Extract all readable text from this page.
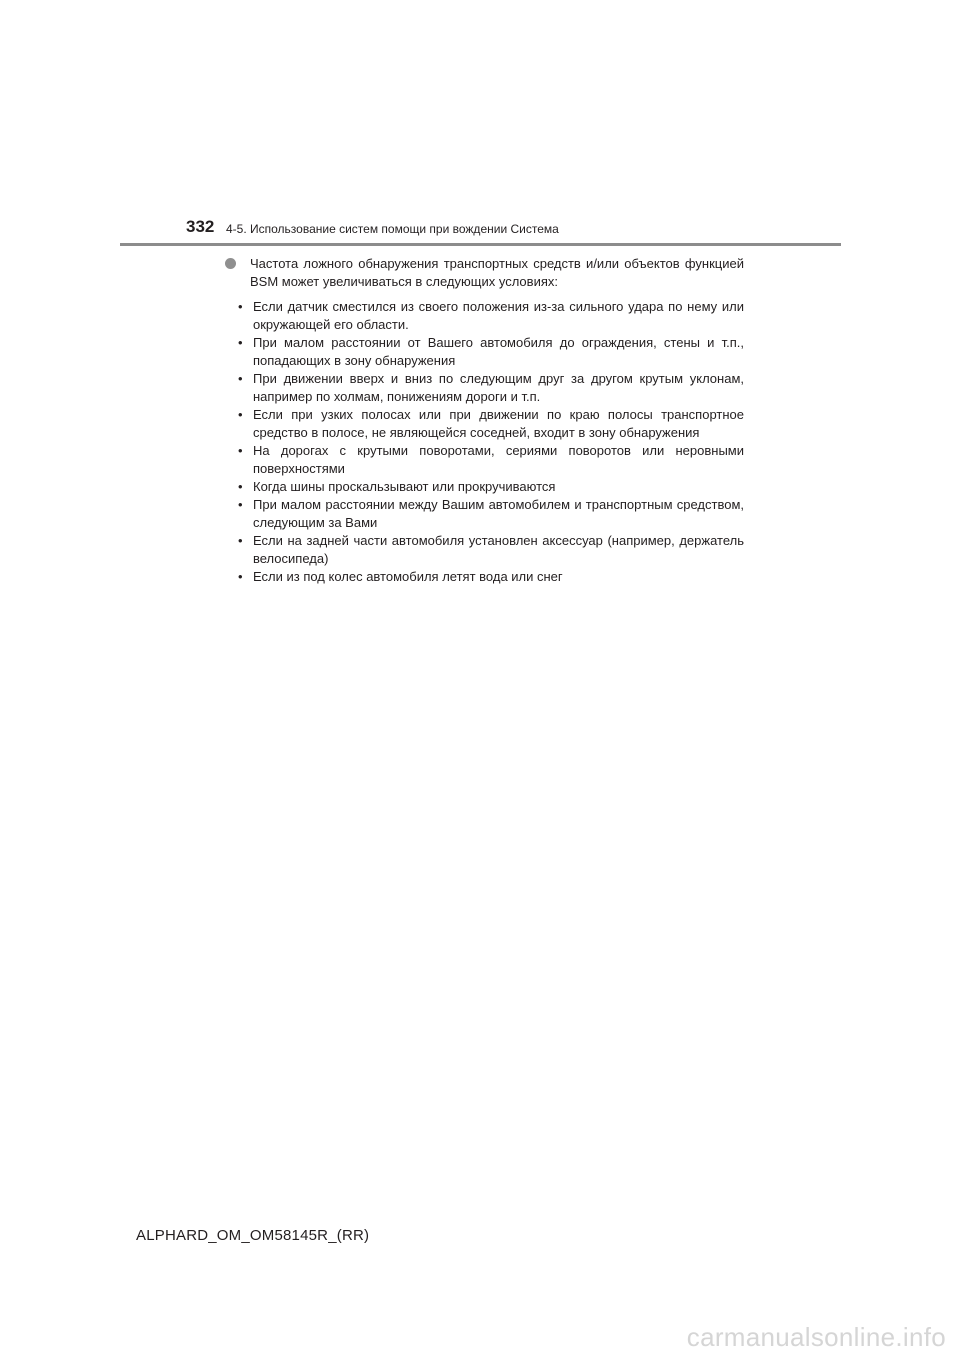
332 4-5. Использование систем помощи при вождении Система
Частота ложного обнаружения транспортных средств и/или объектов функцией BSM может увеличиваться в следующих условиях:
• Если датчик сместился из своего положения из-за сильного удара по нему или окружающей его области.
• При малом расстоянии от Вашего автомобиля до ограждения, стены и т.п., попадающих в зону обнаружения
• При движении вверх и вниз по следующим друг за другом крутым уклонам, например по холмам, понижениям дороги и т.п.
• Если при узких полосах или при движении по краю полосы транспортное средство в полосе, не являющейся соседней, входит в зону обнаружения
• На дорогах с крутыми поворотами, сериями поворотов или неровными поверхностями
• Когда шины проскальзывают или прокручиваются
• При малом расстоянии между Вашим автомобилем и транспортным средством, следующим за Вами
• Если на задней части автомобиля установлен аксессуар (например, держатель велосипеда)
• Если из под колес автомобиля летят вода или снег
ALPHARD_OM_OM58145R_(RR)
carmanualsonline.info
